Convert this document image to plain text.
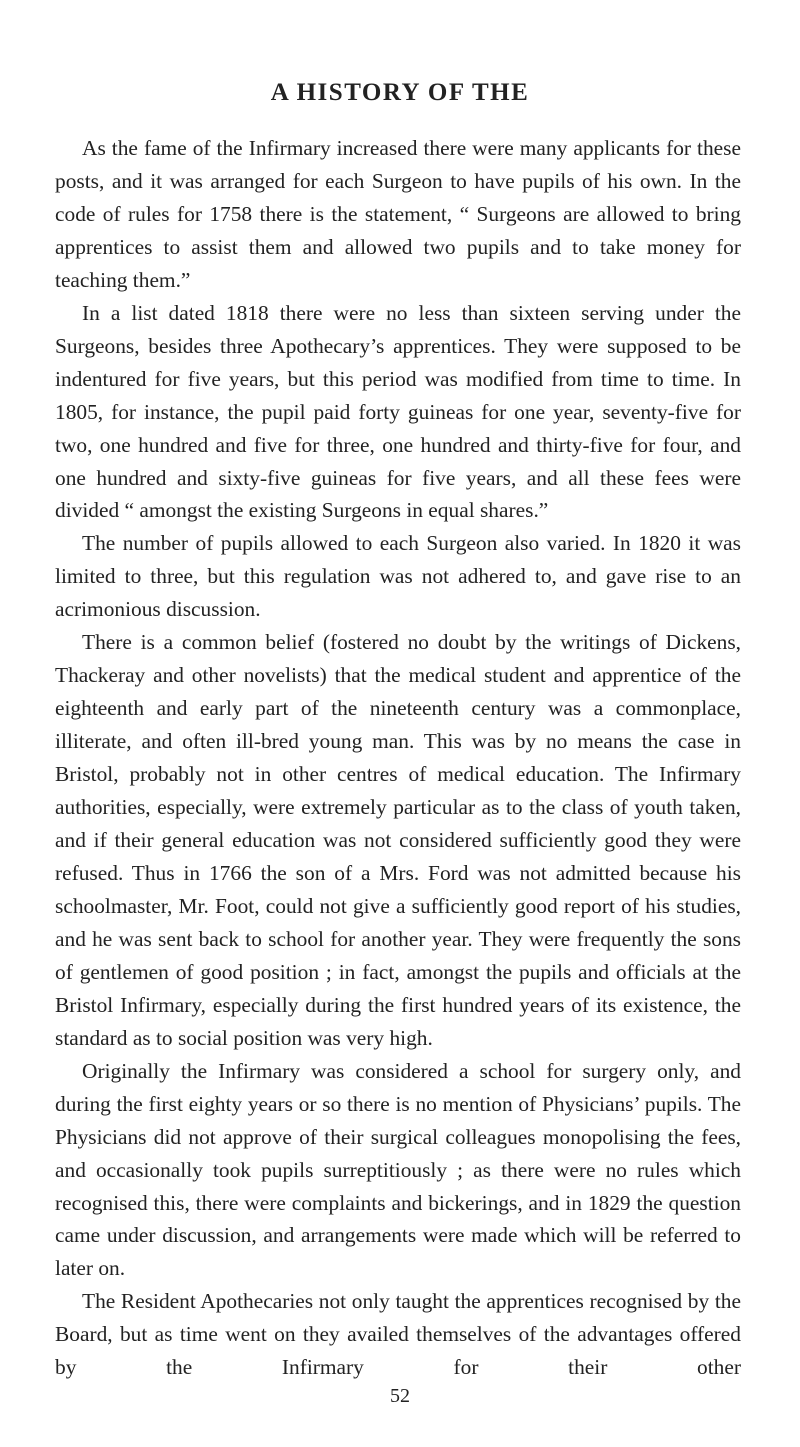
A HISTORY OF THE

As the fame of the Infirmary increased there were many applicants for these posts, and it was arranged for each Surgeon to have pupils of his own. In the code of rules for 1758 there is the statement, “ Surgeons are allowed to bring apprentices to assist them and allowed two pupils and to take money for teaching them.”

In a list dated 1818 there were no less than sixteen serving under the Surgeons, besides three Apothecary’s apprentices. They were supposed to be indentured for five years, but this period was modified from time to time. In 1805, for instance, the pupil paid forty guineas for one year, seventy-five for two, one hundred and five for three, one hundred and thirty-five for four, and one hundred and sixty-five guineas for five years, and all these fees were divided “ amongst the existing Surgeons in equal shares.”

The number of pupils allowed to each Surgeon also varied. In 1820 it was limited to three, but this regulation was not adhered to, and gave rise to an acrimonious discussion.

There is a common belief (fostered no doubt by the writings of Dickens, Thackeray and other novelists) that the medical student and apprentice of the eighteenth and early part of the nineteenth century was a commonplace, illiterate, and often ill-bred young man. This was by no means the case in Bristol, probably not in other centres of medical education. The Infirmary authorities, especially, were extremely particular as to the class of youth taken, and if their general education was not considered sufficiently good they were refused. Thus in 1766 the son of a Mrs. Ford was not admitted because his schoolmaster, Mr. Foot, could not give a sufficiently good report of his studies, and he was sent back to school for another year. They were frequently the sons of gentlemen of good position ; in fact, amongst the pupils and officials at the Bristol Infirmary, especially during the first hundred years of its existence, the standard as to social position was very high.

Originally the Infirmary was considered a school for surgery only, and during the first eighty years or so there is no mention of Physicians’ pupils. The Physicians did not approve of their surgical colleagues monopolising the fees, and occasionally took pupils surreptitiously ; as there were no rules which recognised this, there were complaints and bickerings, and in 1829 the question came under discussion, and arrangements were made which will be referred to later on.

The Resident Apothecaries not only taught the apprentices recognised by the Board, but as time went on they availed themselves of the advantages offered by the Infirmary for their other

52
